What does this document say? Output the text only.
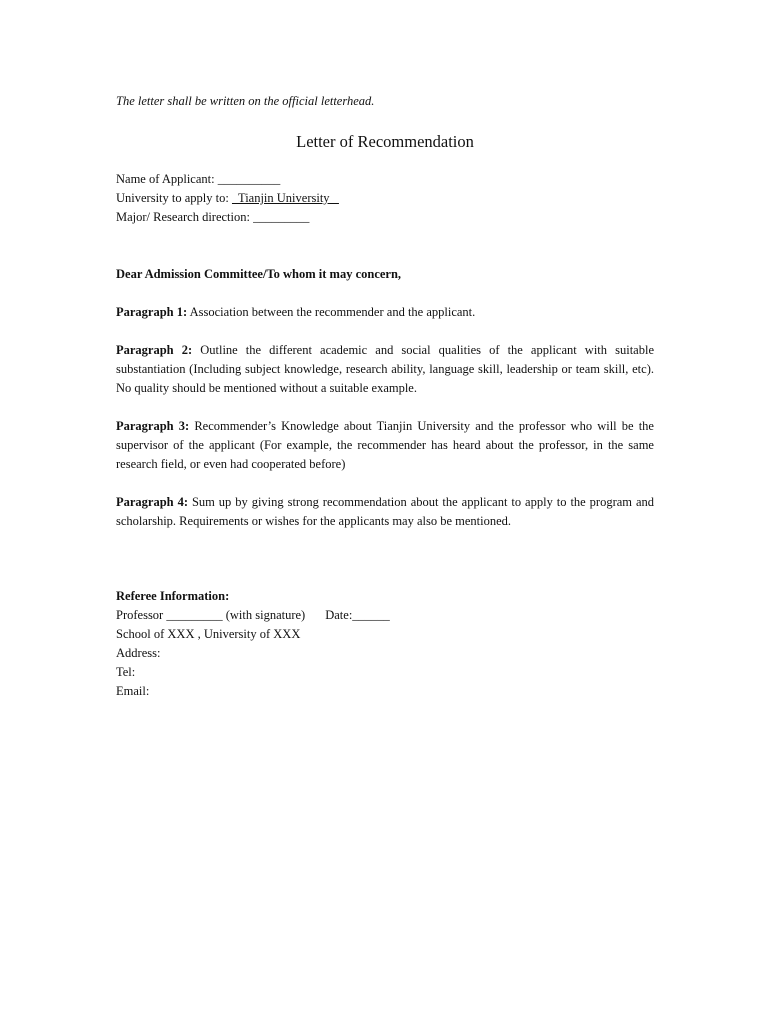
The letter shall be written on the official letterhead.
Letter of Recommendation
Name of Applicant: __________
University to apply to:   Tianjin University
Major/ Research direction: _________
Dear Admission Committee/To whom it may concern,
Paragraph 1: Association between the recommender and the applicant.
Paragraph 2: Outline the different academic and social qualities of the applicant with suitable substantiation (Including subject knowledge, research ability, language skill, leadership or team skill, etc). No quality should be mentioned without a suitable example.
Paragraph 3: Recommender’s Knowledge about Tianjin University and the professor who will be the supervisor of the applicant (For example, the recommender has heard about the professor, in the same research field, or even had cooperated before)
Paragraph 4: Sum up by giving strong recommendation about the applicant to apply to the program and scholarship. Requirements or wishes for the applicants may also be mentioned.
Referee Information:
Professor _________ (with signature) Date:______
School of XXX , University of XXX
Address:
Tel:
Email:
